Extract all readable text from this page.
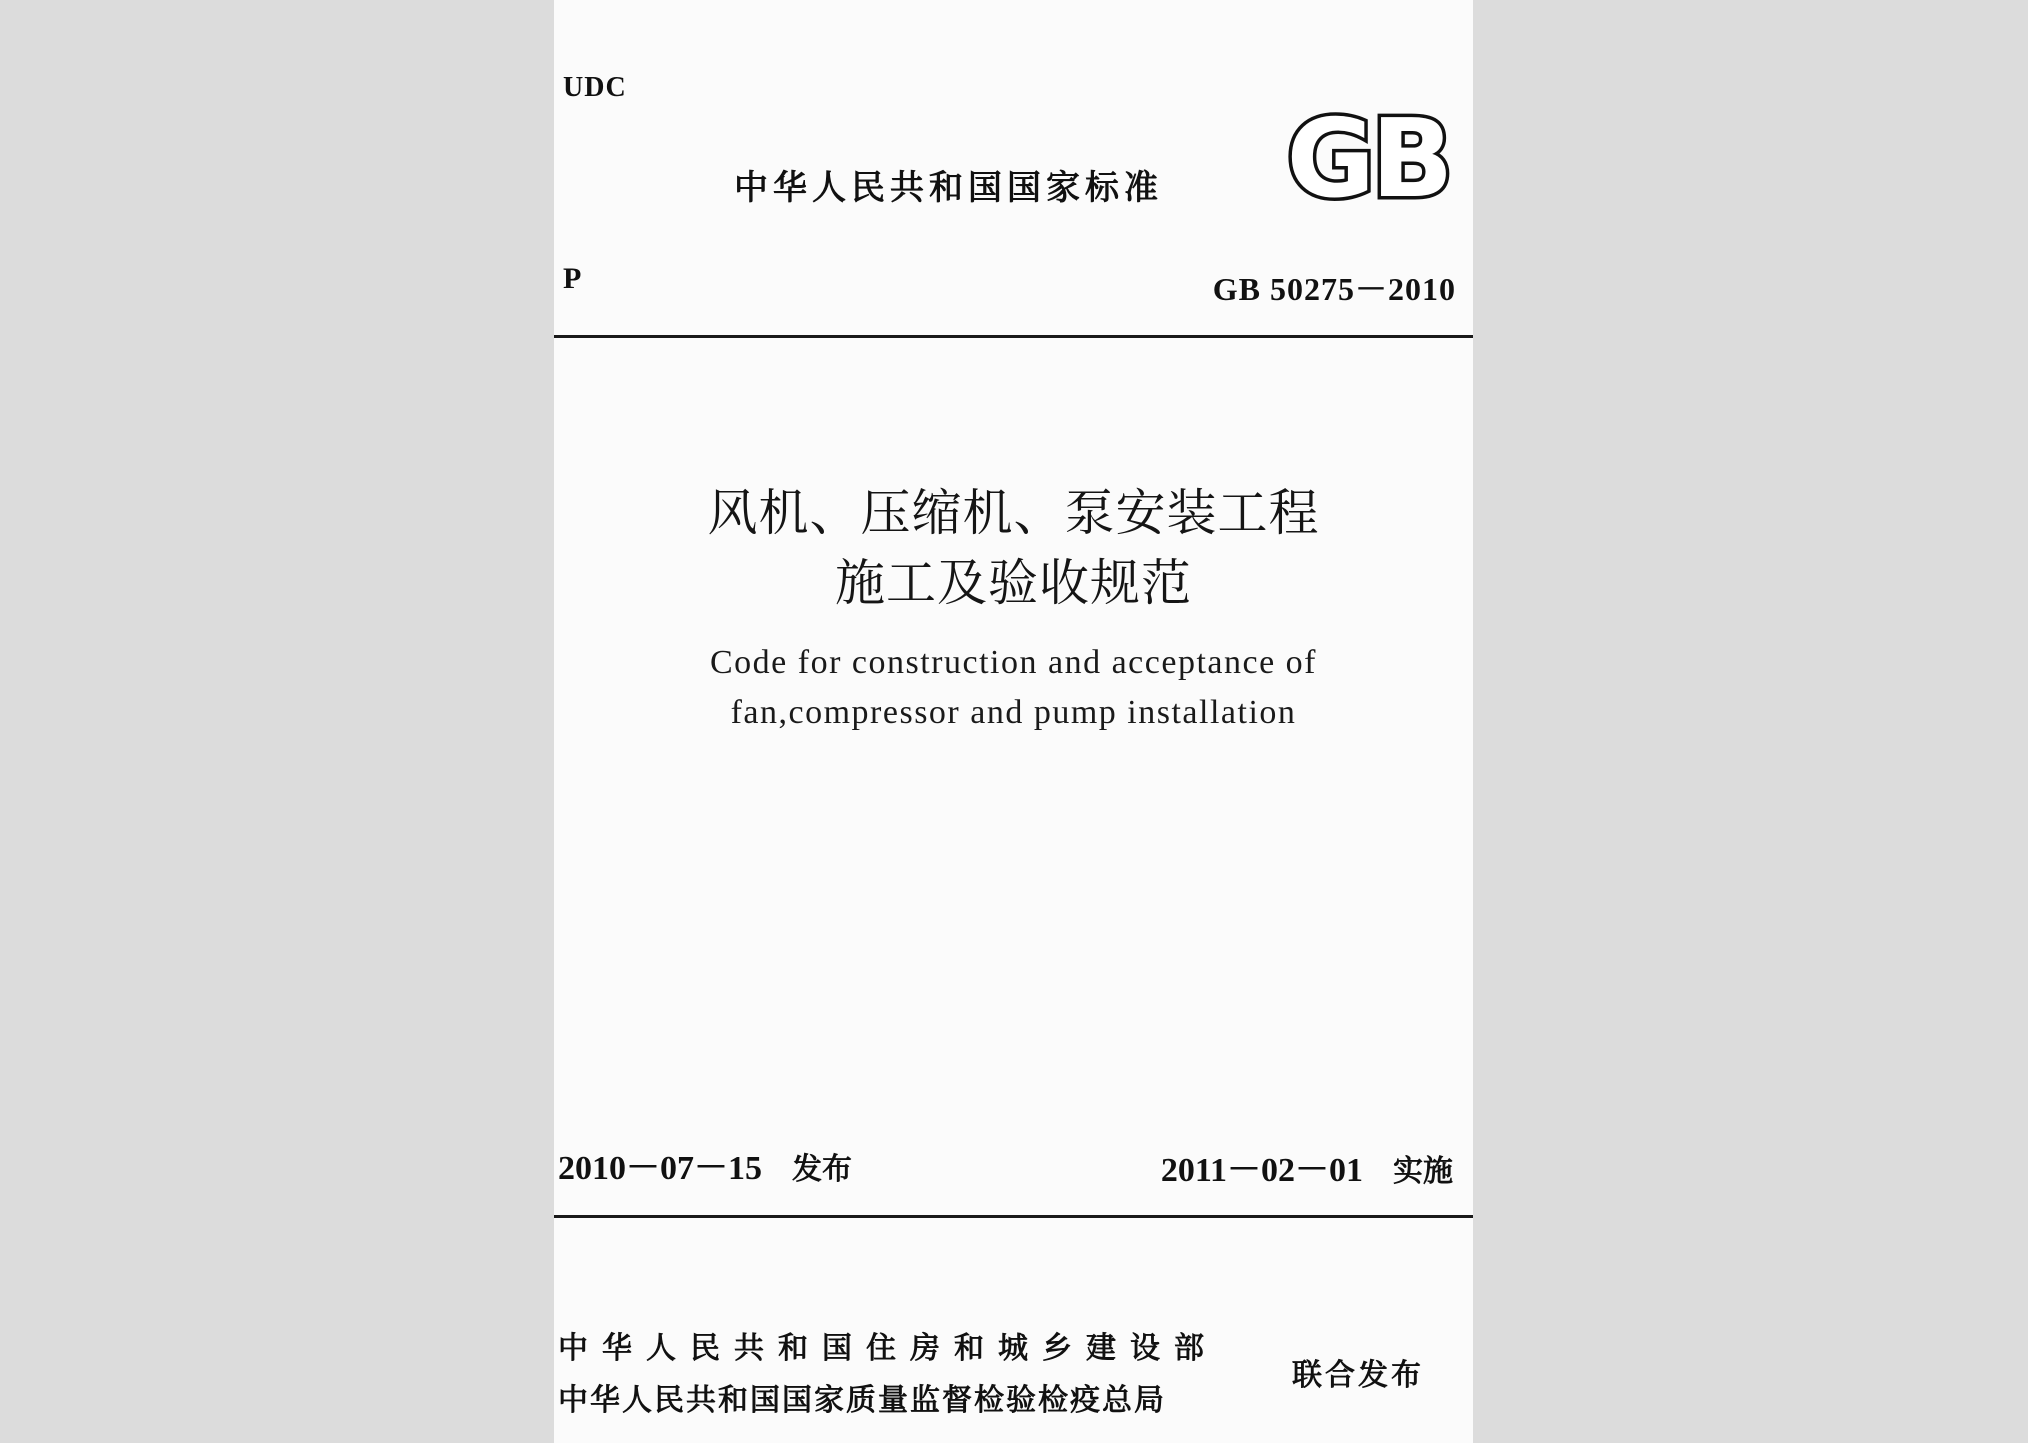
UDC
中华人民共和国国家标准 GB
P	GB 50275－2010
风机、压缩机、泵安装工程
施工及验收规范
Code for construction and acceptance of
fan,compressor and pump installation
2010－07－15 发布	2011－02－01 实施
中华人民共和国住房和城乡建设部
中华人民共和国国家质量监督检验检疫总局
联合发布
